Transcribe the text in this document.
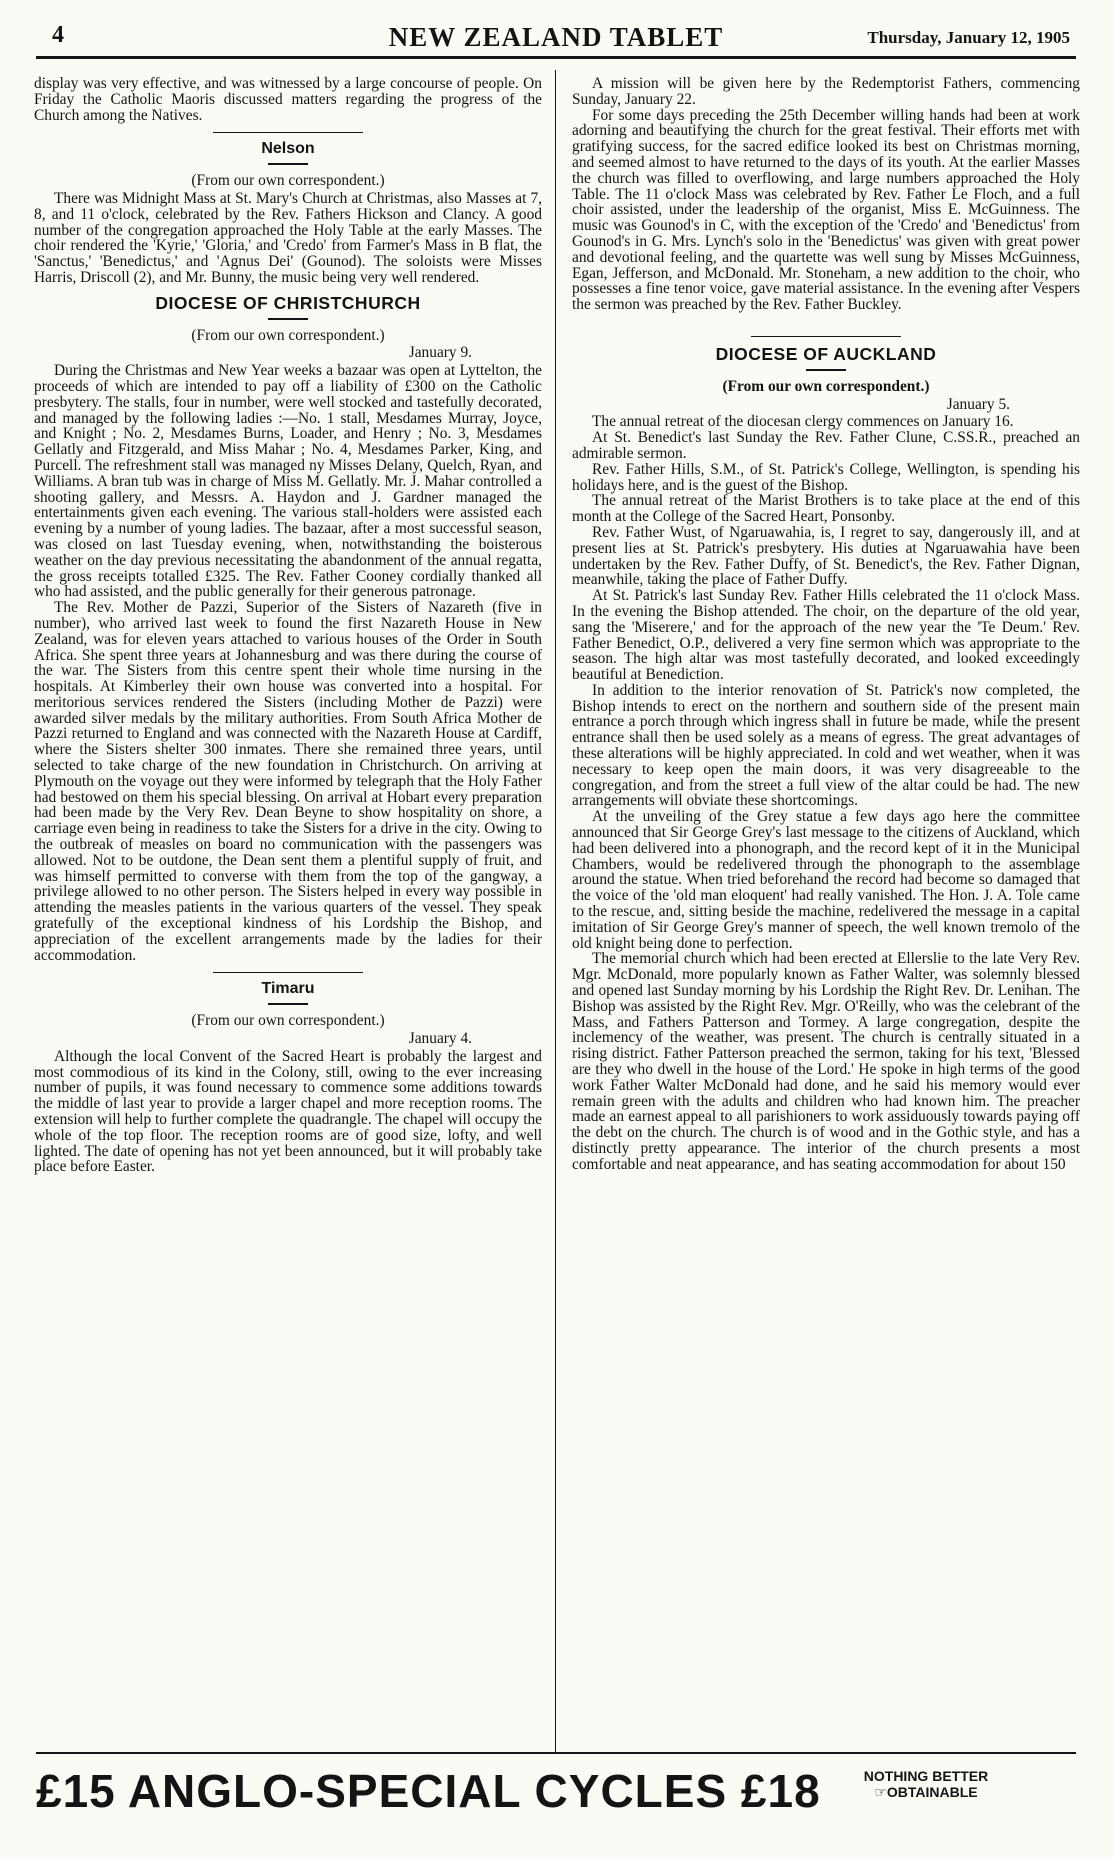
4	NEW ZEALAND TABLET	Thursday, January 12, 1905

display was very effective, and was witnessed by a large concourse of people. On Friday the Catholic Maoris discussed matters regarding the progress of the Church among the Natives.

Nelson
(From our own correspondent.)

There was Midnight Mass at St. Mary's Church at Christmas, also Masses at 7, 8, and 11 o'clock, celebrated by the Rev. Fathers Hickson and Clancy. A good number of the congregation approached the Holy Table at the early Masses. The choir rendered the 'Kyrie,' 'Gloria,' and 'Credo' from Farmer's Mass in B flat, the 'Sanctus,' 'Benedictus,' and 'Agnus Dei' (Gounod). The soloists were Misses Harris, Driscoll (2), and Mr. Bunny, the music being very well rendered.

DIOCESE OF CHRISTCHURCH
(From our own correspondent.)
January 9.

During the Christmas and New Year weeks a bazaar was open at Lyttelton, the proceeds of which are intended to pay off a liability of £300 on the Catholic presbytery. The stalls, four in number, were well stocked and tastefully decorated, and managed by the following ladies :—No. 1 stall, Mesdames Murray, Joyce, and Knight ; No. 2, Mesdames Burns, Loader, and Henry ; No. 3, Mesdames Gellatly and Fitzgerald, and Miss Mahar ; No. 4, Mesdames Parker, King, and Purcell. The refreshment stall was managed ny Misses Delany, Quelch, Ryan, and Williams. A bran tub was in charge of Miss M. Gellatly. Mr. J. Mahar controlled a shooting gallery, and Messrs. A. Haydon and J. Gardner managed the entertainments given each evening. The various stall-holders were assisted each evening by a number of young ladies. The bazaar, after a most successful season, was closed on last Tuesday evening, when, notwithstanding the boisterous weather on the day previous necessitating the abandonment of the annual regatta, the gross receipts totalled £325. The Rev. Father Cooney cordially thanked all who had assisted, and the public generally for their generous patronage.

The Rev. Mother de Pazzi, Superior of the Sisters of Nazareth (five in number), who arrived last week to found the first Nazareth House in New Zealand, was for eleven years attached to various houses of the Order in South Africa. She spent three years at Johannesburg and was there during the course of the war. The Sisters from this centre spent their whole time nursing in the hospitals. At Kimberley their own house was converted into a hospital. For meritorious services rendered the Sisters (including Mother de Pazzi) were awarded silver medals by the military authorities. From South Africa Mother de Pazzi returned to England and was connected with the Nazareth House at Cardiff, where the Sisters shelter 300 inmates. There she remained three years, until selected to take charge of the new foundation in Christchurch. On arriving at Plymouth on the voyage out they were informed by telegraph that the Holy Father had bestowed on them his special blessing. On arrival at Hobart every preparation had been made by the Very Rev. Dean Beyne to show hospitality on shore, a carriage even being in readiness to take the Sisters for a drive in the city. Owing to the outbreak of measles on board no communication with the passengers was allowed. Not to be outdone, the Dean sent them a plentiful supply of fruit, and was himself permitted to converse with them from the top of the gangway, a privilege allowed to no other person. The Sisters helped in every way possible in attending the measles patients in the various quarters of the vessel. They speak gratefully of the exceptional kindness of his Lordship the Bishop, and appreciation of the excellent arrangements made by the ladies for their accommodation.

Timaru
(From our own correspondent.)
January 4.

Although the local Convent of the Sacred Heart is probably the largest and most commodious of its kind in the Colony, still, owing to the ever increasing number of pupils, it was found necessary to commence some additions towards the middle of last year to provide a larger chapel and more reception rooms. The extension will help to further complete the quadrangle. The chapel will occupy the whole of the top floor. The reception rooms are of good size, lofty, and well lighted. The date of opening has not yet been announced, but it will probably take place before Easter.

A mission will be given here by the Redemptorist Fathers, commencing Sunday, January 22.

For some days preceding the 25th December willing hands had been at work adorning and beautifying the church for the great festival. Their efforts met with gratifying success, for the sacred edifice looked its best on Christmas morning, and seemed almost to have returned to the days of its youth. At the earlier Masses the church was filled to overflowing, and large numbers approached the Holy Table. The 11 o'clock Mass was celebrated by Rev. Father Le Floch, and a full choir assisted, under the leadership of the organist, Miss E. McGuinness. The music was Gounod's in C, with the exception of the 'Credo' and 'Benedictus' from Gounod's in G. Mrs. Lynch's solo in the 'Benedictus' was given with great power and devotional feeling, and the quartette was well sung by Misses McGuinness, Egan, Jefferson, and McDonald. Mr. Stoneham, a new addition to the choir, who possesses a fine tenor voice, gave material assistance. In the evening after Vespers the sermon was preached by the Rev. Father Buckley.

DIOCESE OF AUCKLAND
(From our own correspondent.)
January 5.

The annual retreat of the diocesan clergy commences on January 16.

At St. Benedict's last Sunday the Rev. Father Clune, C.SS.R., preached an admirable sermon.

Rev. Father Hills, S.M., of St. Patrick's College, Wellington, is spending his holidays here, and is the guest of the Bishop.

The annual retreat of the Marist Brothers is to take place at the end of this month at the College of the Sacred Heart, Ponsonby.

Rev. Father Wust, of Ngaruawahia, is, I regret to say, dangerously ill, and at present lies at St. Patrick's presbytery. His duties at Ngaruawahia have been undertaken by the Rev. Father Duffy, of St. Benedict's, the Rev. Father Dignan, meanwhile, taking the place of Father Duffy.

At St. Patrick's last Sunday Rev. Father Hills celebrated the 11 o'clock Mass. In the evening the Bishop attended. The choir, on the departure of the old year, sang the 'Miserere,' and for the approach of the new year the 'Te Deum.' Rev. Father Benedict, O.P., delivered a very fine sermon which was appropriate to the season. The high altar was most tastefully decorated, and looked exceedingly beautiful at Benediction.

In addition to the interior renovation of St. Patrick's now completed, the Bishop intends to erect on the northern and southern side of the present main entrance a porch through which ingress shall in future be made, while the present entrance shall then be used solely as a means of egress. The great advantages of these alterations will be highly appreciated. In cold and wet weather, when it was necessary to keep open the main doors, it was very disagreeable to the congregation, and from the street a full view of the altar could be had. The new arrangements will obviate these shortcomings.

At the unveiling of the Grey statue a few days ago here the committee announced that Sir George Grey's last message to the citizens of Auckland, which had been delivered into a phonograph, and the record kept of it in the Municipal Chambers, would be redelivered through the phonograph to the assemblage around the statue. When tried beforehand the record had become so damaged that the voice of the 'old man eloquent' had really vanished. The Hon. J. A. Tole came to the rescue, and, sitting beside the machine, redelivered the message in a capital imitation of Sir George Grey's manner of speech, the well known tremolo of the old knight being done to perfection.

The memorial church which had been erected at Ellerslie to the late Very Rev. Mgr. McDonald, more popularly known as Father Walter, was solemnly blessed and opened last Sunday morning by his Lordship the Right Rev. Dr. Lenihan. The Bishop was assisted by the Right Rev. Mgr. O'Reilly, who was the celebrant of the Mass, and Fathers Patterson and Tormey. A large congregation, despite the inclemency of the weather, was present. The church is centrally situated in a rising district. Father Patterson preached the sermon, taking for his text, 'Blessed are they who dwell in the house of the Lord.' He spoke in high terms of the good work Father Walter McDonald had done, and he said his memory would ever remain green with the adults and children who had known him. The preacher made an earnest appeal to all parishioners to work assiduously towards paying off the debt on the church. The church is of wood and in the Gothic style, and has a distinctly pretty appearance. The interior of the church presents a most comfortable and neat appearance, and has seating accommodation for about 150

£15 ANGLO-SPECIAL CYCLES £18	NOTHING BETTER
☞OBTAINABLE
